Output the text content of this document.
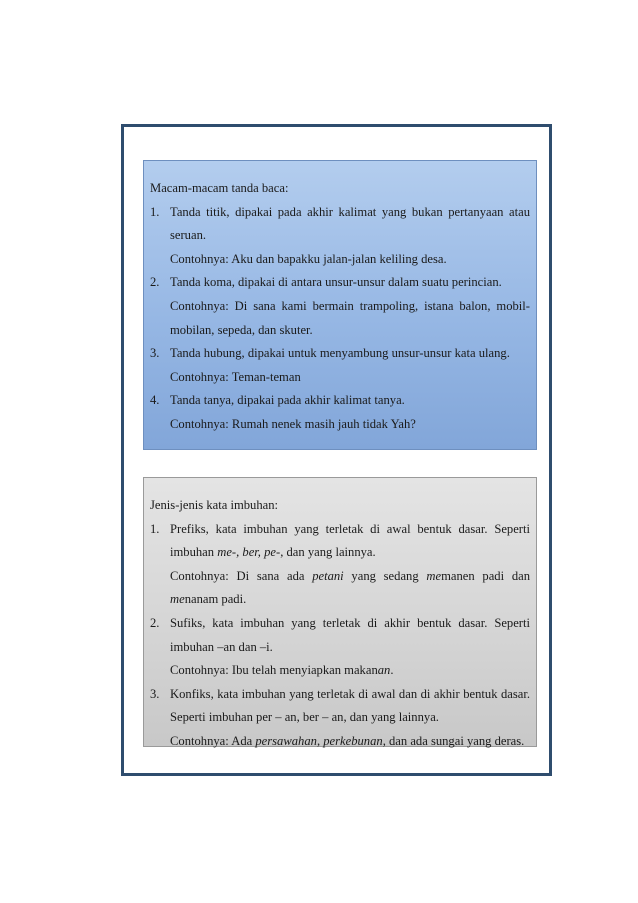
Macam-macam tanda baca:
1. Tanda titik, dipakai pada akhir kalimat yang bukan pertanyaan atau seruan.
Contohnya: Aku dan bapakku jalan-jalan keliling desa.
2. Tanda koma, dipakai di antara unsur-unsur dalam suatu perincian.
Contohnya: Di sana kami bermain trampoling, istana balon, mobil-mobilan, sepeda, dan skuter.
3. Tanda hubung, dipakai untuk menyambung unsur-unsur kata ulang.
Contohnya: Teman-teman
4. Tanda tanya, dipakai pada akhir kalimat tanya.
Contohnya: Rumah nenek masih jauh tidak Yah?
Jenis-jenis kata imbuhan:
1. Prefiks, kata imbuhan yang terletak di awal bentuk dasar. Seperti imbuhan me-, ber, pe-, dan yang lainnya.
Contohnya: Di sana ada petani yang sedang memanen padi dan menanam padi.
2. Sufiks, kata imbuhan yang terletak di akhir bentuk dasar. Seperti imbuhan –an dan –i.
Contohnya: Ibu telah menyiapkan makanan.
3. Konfiks, kata imbuhan yang terletak di awal dan di akhir bentuk dasar. Seperti imbuhan per – an, ber – an, dan yang lainnya.
Contohnya: Ada persawahan, perkebunan, dan ada sungai yang deras.
